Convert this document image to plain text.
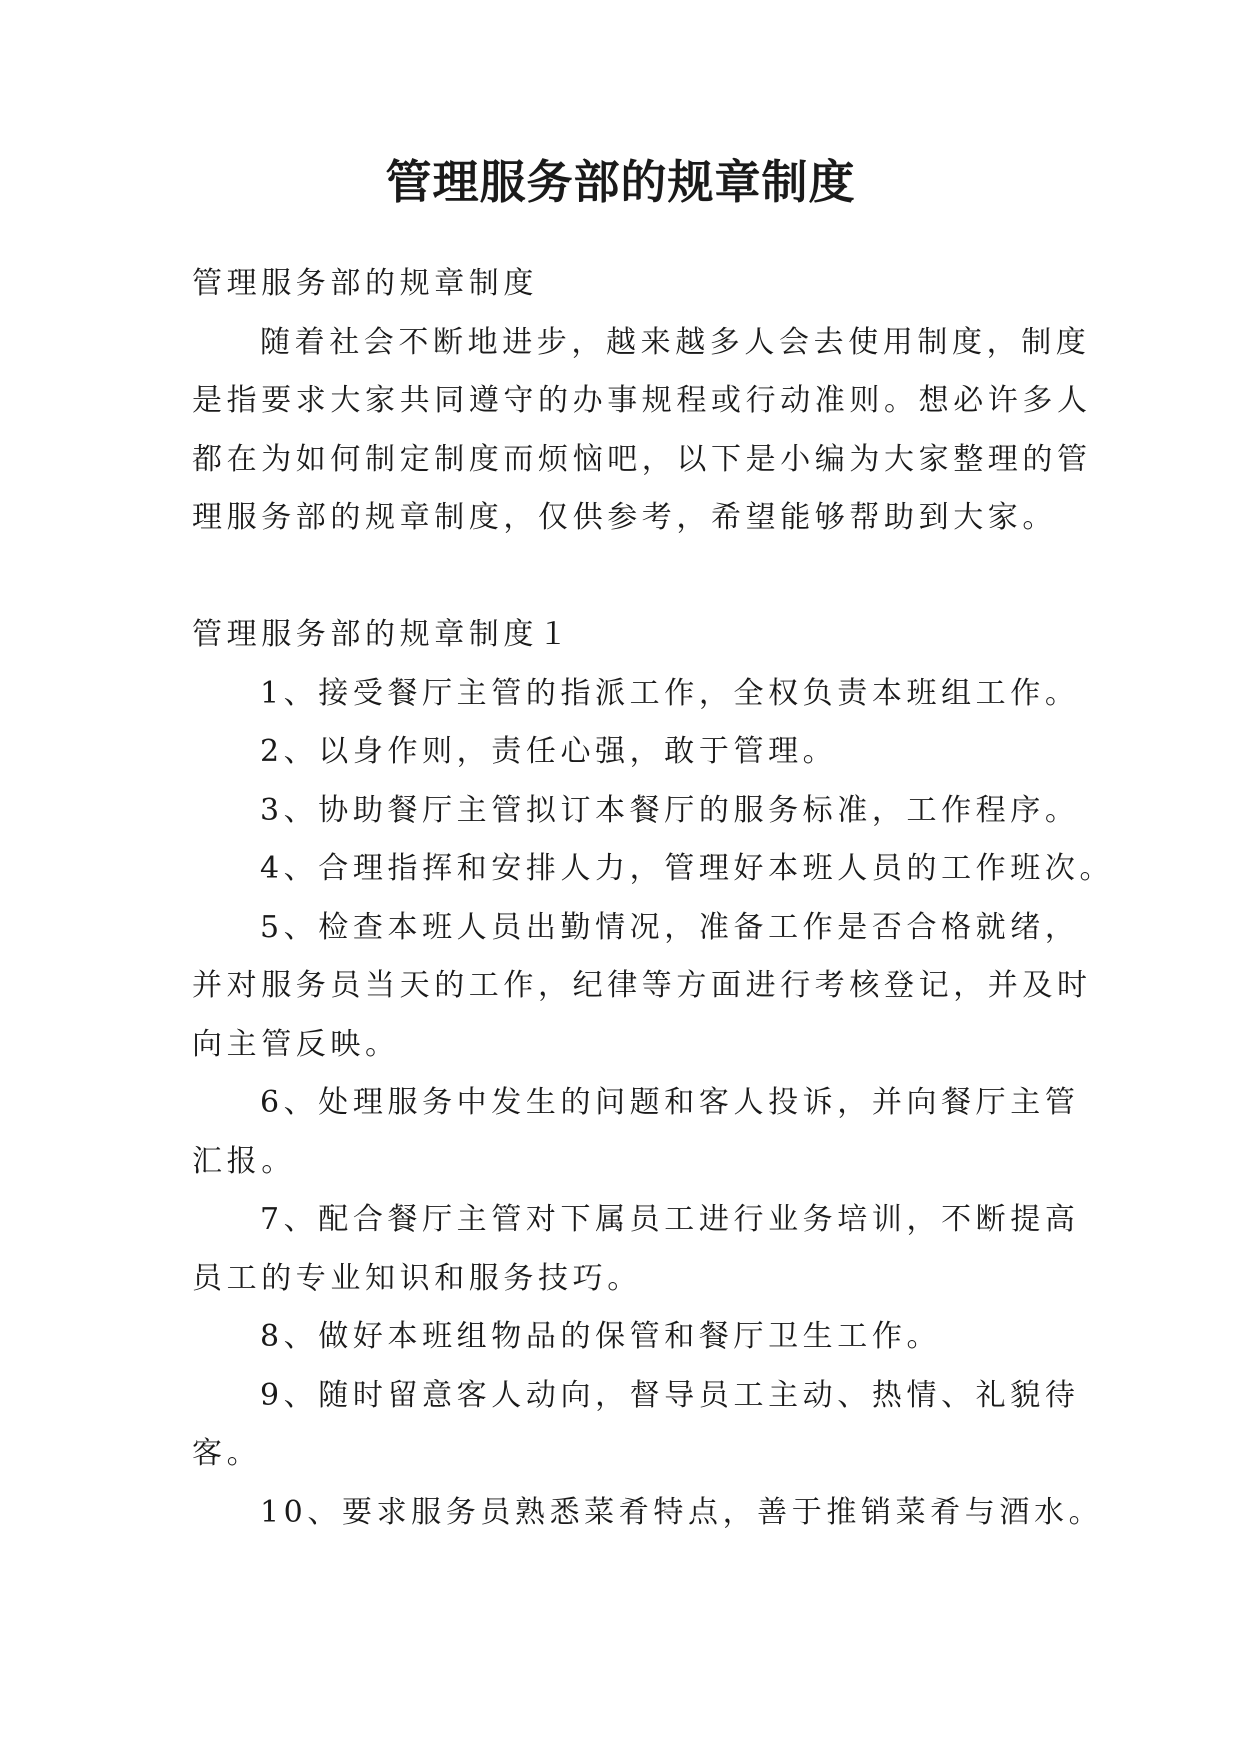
管理服务部的规章制度

管理服务部的规章制度

随着社会不断地进步，越来越多人会去使用制度，制度

是指要求大家共同遵守的办事规程或行动准则。想必许多人

都在为如何制定制度而烦恼吧，以下是小编为大家整理的管

理服务部的规章制度，仅供参考，希望能够帮助到大家。

管理服务部的规章制度１

1、接受餐厅主管的指派工作，全权负责本班组工作。

2、以身作则，责任心强，敢于管理。

3、协助餐厅主管拟订本餐厅的服务标准，工作程序。

4、合理指挥和安排人力，管理好本班人员的工作班次。

5、检查本班人员出勤情况，准备工作是否合格就绪，

并对服务员当天的工作，纪律等方面进行考核登记，并及时

向主管反映。

6、处理服务中发生的问题和客人投诉，并向餐厅主管

汇报。

7、配合餐厅主管对下属员工进行业务培训，不断提高

员工的专业知识和服务技巧。

8、做好本班组物品的保管和餐厅卫生工作。

9、随时留意客人动向，督导员工主动、热情、礼貌待

客。

10、要求服务员熟悉菜肴特点，善于推销菜肴与酒水。
